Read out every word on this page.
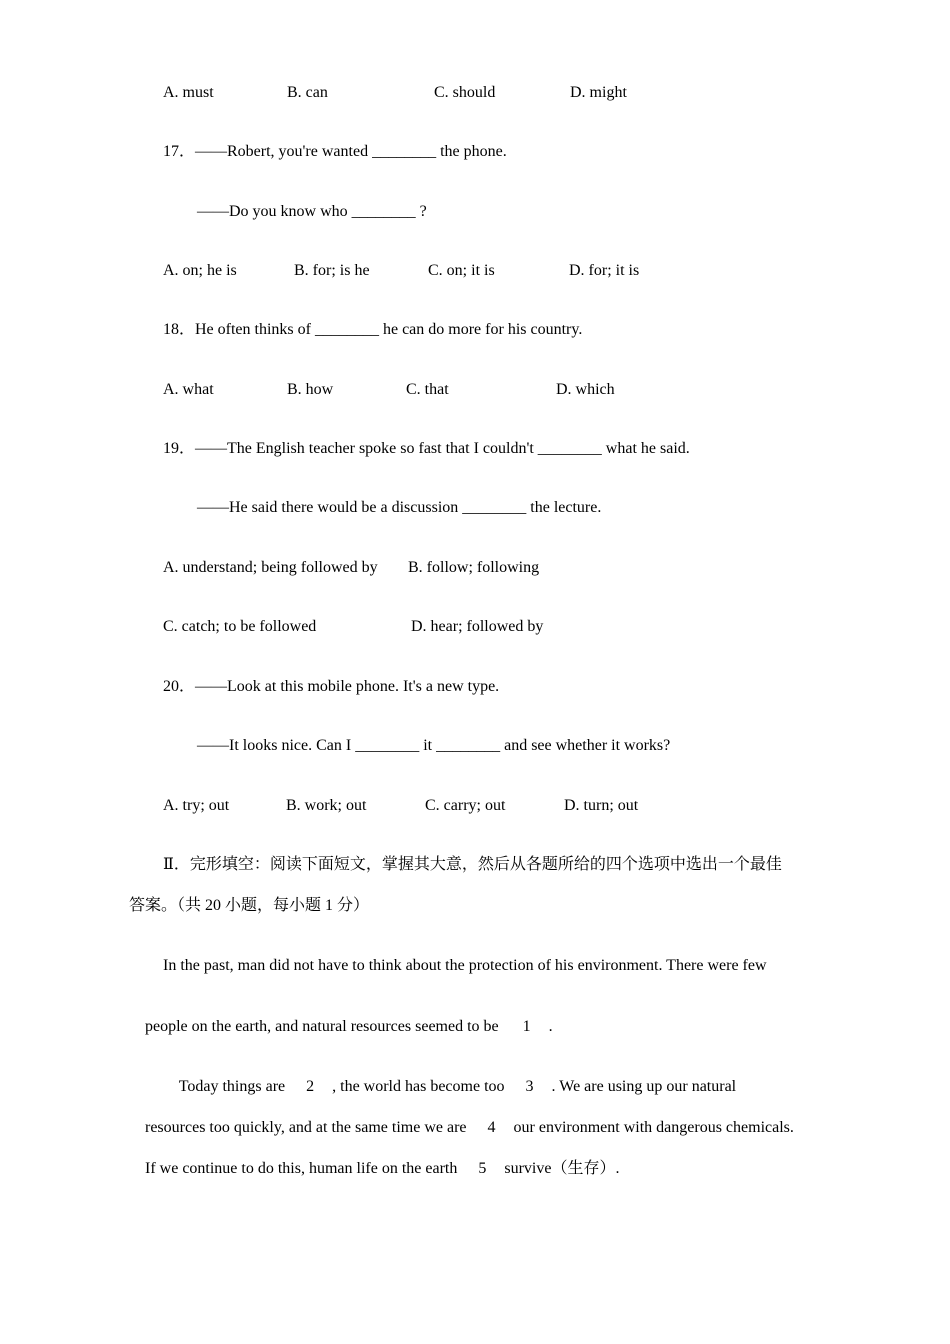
A. must	B. can	C. should	D. might
17．——Robert, you're wanted ________ the phone.
——Do you know who ________ ?
A. on; he is	B. for; is he	C. on; it is	D. for; it is
18．He often thinks of ________ he can do more for his country.
A. what	B. how	C. that	D. which
19．——The English teacher spoke so fast that I couldn't ________ what he said.
——He said there would be a discussion ________ the lecture.
A. understand; being followed by B. follow; following
C. catch; to be followed	D. hear; followed by
20．——Look at this mobile phone. It's a new type.
——It looks nice. Can I ________ it ________ and see whether it works?
A. try; out	B. work; out	C. carry; out	D. turn; out
Ⅱ．完形填空：阅读下面短文，掌握其大意，然后从各题所给的四个选项中选出一个最佳
答案。（共 20 小题，每小题 1 分）
In the past, man did not have to think about the protection of his environment. There were few

people on the earth, and natural resources seemed to be 1 .

Today things are 2 , the world has become too 3 . We are using up our natural

resources too quickly, and at the same time we are 4 our environment with dangerous chemicals.

If we continue to do this, human life on the earth 5 survive（生存）.
